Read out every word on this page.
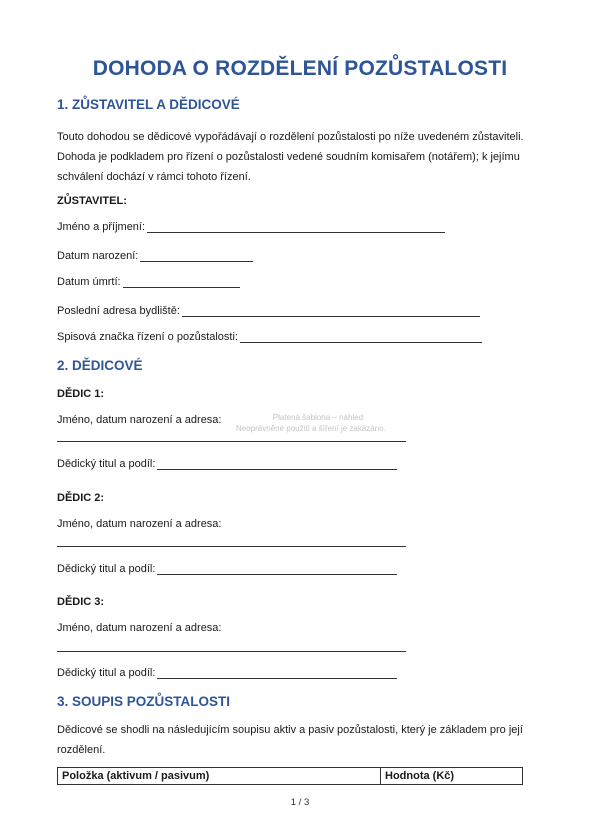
DOHODA O ROZDĚLENÍ POZŮSTALOSTI
1. ZŮSTAVITEL A DĚDICOVÉ
Touto dohodou se dědicové vypořádávají o rozdělení pozůstalosti po níže uvedeném zůstaviteli.
Dohoda je podkladem pro řízení o pozůstalosti vedené soudním komisařem (notářem); k jejímu
schválení dochází v rámci tohoto řízení.
ZŮSTAVITEL:
Jméno a příjmení:
Datum narození:
Datum úmrtí:
Poslední adresa bydliště:
Spisová značka řízení o pozůstalosti:
2. DĚDICOVÉ
DĚDIC 1:
Jméno, datum narození a adresa:
Dědický titul a podíl:
DĚDIC 2:
Jméno, datum narození a adresa:
Dědický titul a podíl:
DĚDIC 3:
Jméno, datum narození a adresa:
Dědický titul a podíl:
Platená šablona – náhled
Neoprávněné použití a šíření je zakázáno.
3. SOUPIS POZŮSTALOSTI
Dědicové se shodli na následujícím soupisu aktiv a pasiv pozůstalosti, který je základem pro její
rozdělení.
Položka (aktivum / pasivum)	Hodnota (Kč)
1 / 3
